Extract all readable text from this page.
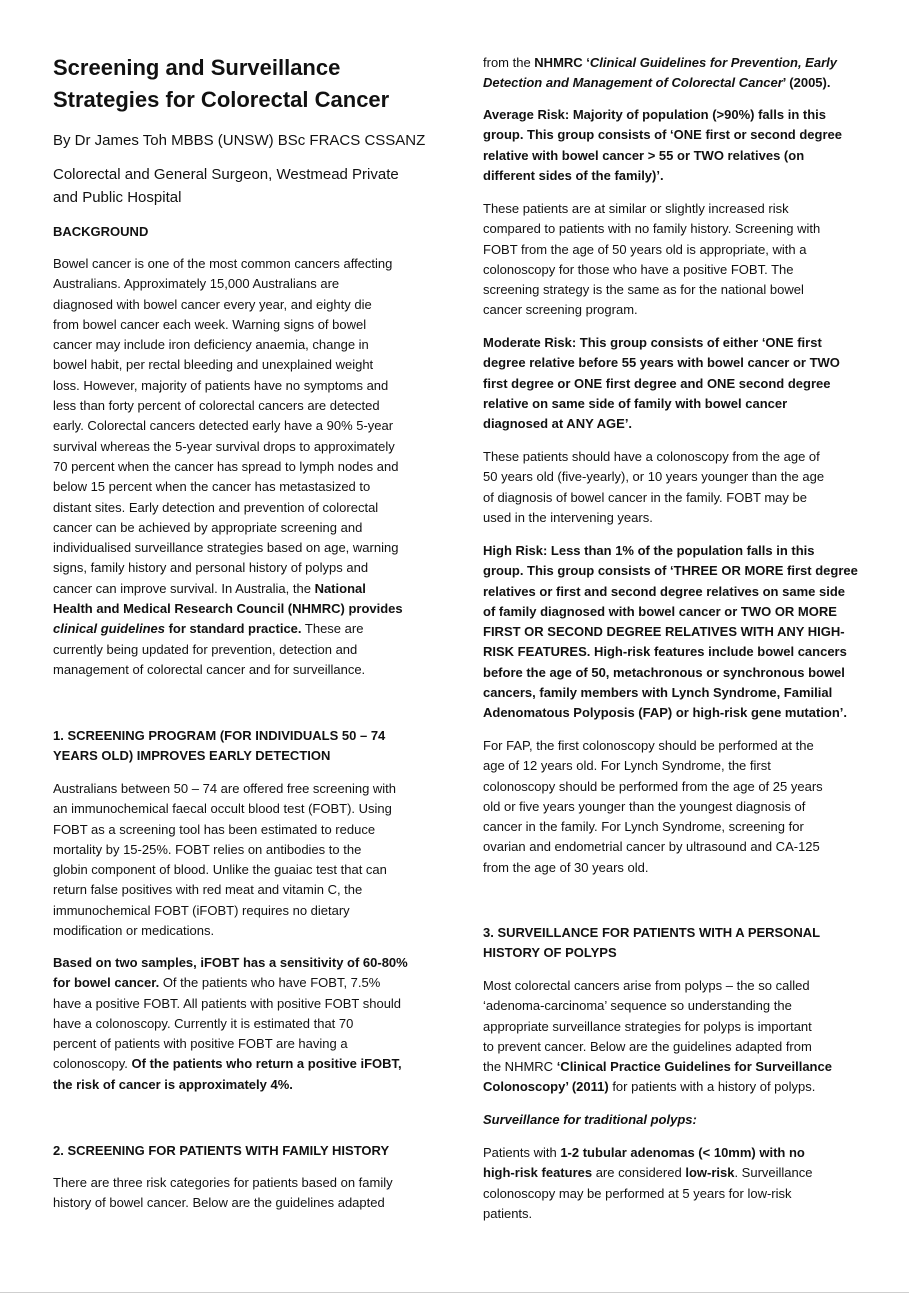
Screening and Surveillance
Strategies for Colorectal Cancer

By Dr James Toh MBBS (UNSW) BSc FRACS CSSANZ

Colorectal and General Surgeon, Westmead Private
and Public Hospital

BACKGROUND

Bowel cancer is one of the most common cancers affecting
Australians. Approximately 15,000 Australians are
diagnosed with bowel cancer every year, and eighty die
from bowel cancer each week. Warning signs of bowel
cancer may include iron deficiency anaemia, change in
bowel habit, per rectal bleeding and unexplained weight
loss. However, majority of patients have no symptoms and
less than forty percent of colorectal cancers are detected
early. Colorectal cancers detected early have a 90% 5-year
survival whereas the 5-year survival drops to approximately
70 percent when the cancer has spread to lymph nodes and
below 15 percent when the cancer has metastasized to
distant sites. Early detection and prevention of colorectal
cancer can be achieved by appropriate screening and
individualised surveillance strategies based on age, warning
signs, family history and personal history of polyps and
cancer can improve survival. In Australia, the National
Health and Medical Research Council (NHMRC) provides
clinical guidelines for standard practice. These are
currently being updated for prevention, detection and
management of colorectal cancer and for surveillance.

1. SCREENING PROGRAM (FOR INDIVIDUALS 50 – 74
YEARS OLD) IMPROVES EARLY DETECTION

Australians between 50 – 74 are offered free screening with
an immunochemical faecal occult blood test (FOBT). Using
FOBT as a screening tool has been estimated to reduce
mortality by 15-25%. FOBT relies on antibodies to the
globin component of blood. Unlike the guaiac test that can
return false positives with red meat and vitamin C, the
immunochemical FOBT (iFOBT) requires no dietary
modification or medications.

Based on two samples, iFOBT has a sensitivity of 60-80%
for bowel cancer. Of the patients who have FOBT, 7.5%
have a positive FOBT. All patients with positive FOBT should
have a colonoscopy. Currently it is estimated that 70
percent of patients with positive FOBT are having a
colonoscopy. Of the patients who return a positive iFOBT,
the risk of cancer is approximately 4%.

2. SCREENING FOR PATIENTS WITH FAMILY HISTORY

There are three risk categories for patients based on family
history of bowel cancer. Below are the guidelines adapted

from the NHMRC ‘Clinical Guidelines for Prevention, Early
Detection and Management of Colorectal Cancer’ (2005).

Average Risk: Majority of population (>90%) falls in this
group. This group consists of ‘ONE first or second degree
relative with bowel cancer > 55 or TWO relatives (on
different sides of the family)’.

These patients are at similar or slightly increased risk
compared to patients with no family history. Screening with
FOBT from the age of 50 years old is appropriate, with a
colonoscopy for those who have a positive FOBT. The
screening strategy is the same as for the national bowel
cancer screening program.

Moderate Risk: This group consists of either ‘ONE first
degree relative before 55 years with bowel cancer or TWO
first degree or ONE first degree and ONE second degree
relative on same side of family with bowel cancer
diagnosed at ANY AGE’.

These patients should have a colonoscopy from the age of
50 years old (five-yearly), or 10 years younger than the age
of diagnosis of bowel cancer in the family. FOBT may be
used in the intervening years.

High Risk: Less than 1% of the population falls in this
group. This group consists of ‘THREE OR MORE first degree
relatives or first and second degree relatives on same side
of family diagnosed with bowel cancer or TWO OR MORE
FIRST OR SECOND DEGREE RELATIVES WITH ANY HIGH-
RISK FEATURES. High-risk features include bowel cancers
before the age of 50, metachronous or synchronous bowel
cancers, family members with Lynch Syndrome, Familial
Adenomatous Polyposis (FAP) or high-risk gene mutation’.

For FAP, the first colonoscopy should be performed at the
age of 12 years old. For Lynch Syndrome, the first
colonoscopy should be performed from the age of 25 years
old or five years younger than the youngest diagnosis of
cancer in the family. For Lynch Syndrome, screening for
ovarian and endometrial cancer by ultrasound and CA-125
from the age of 30 years old.

3. SURVEILLANCE FOR PATIENTS WITH A PERSONAL
HISTORY OF POLYPS

Most colorectal cancers arise from polyps – the so called
‘adenoma-carcinoma’ sequence so understanding the
appropriate surveillance strategies for polyps is important
to prevent cancer. Below are the guidelines adapted from
the NHMRC ‘Clinical Practice Guidelines for Surveillance
Colonoscopy’ (2011) for patients with a history of polyps.

Surveillance for traditional polyps:

Patients with 1-2 tubular adenomas (< 10mm) with no
high-risk features are considered low-risk. Surveillance
colonoscopy may be performed at 5 years for low-risk
patients.
